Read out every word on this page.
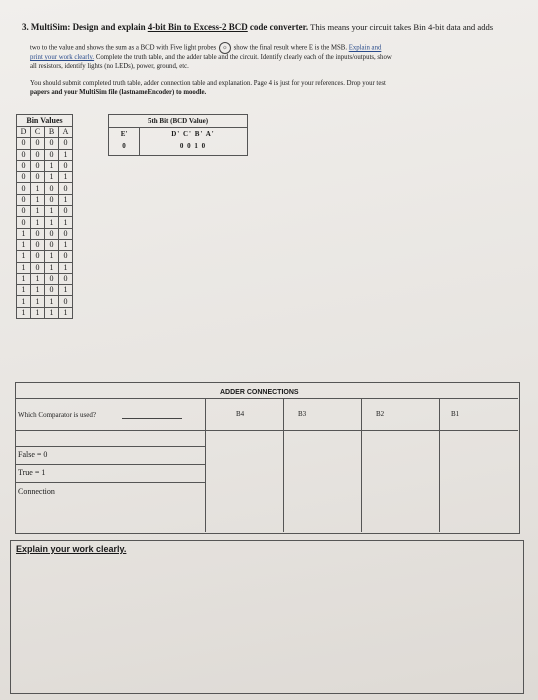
3. MultiSim: Design and explain 4-bit Bin to Excess-2 BCD code converter. This means your circuit takes Bin 4-bit data and adds
two to the value and shows the sum as a BCD with Five light probes ☼ show the final result where E is the MSB. Explain and
print your work clearly. Complete the truth table, and the adder table and the circuit. Identify clearly each of the inputs/outputs, show
all resistors, identify lights (no LEDs), power, ground, etc.
You should submit completed truth table, adder connection table and explanation. Page 4 is just for your references. Drop your test
papers and your MultiSim file (lastnameEncoder) to moodle.
Bin Values			
D	C	B	A
0	0	0	0
0	0	0	1
0	0	1	0
0	0	1	1
0	1	0	0
0	1	0	1
0	1	1	0
0	1	1	1
1	0	0	0
1	0	0	1
1	0	1	0
1	0	1	1
1	1	0	0
1	1	0	1
1	1	1	0
1	1	1	1
5th Bit (BCD Value)
E'	D' C' B' A'
0	0 0 1 0
ADDER CONNECTIONS
B4	B3	B2	B1
Which Comparator is used?
False = 0
True = 1
Connection
Explain your work clearly.
